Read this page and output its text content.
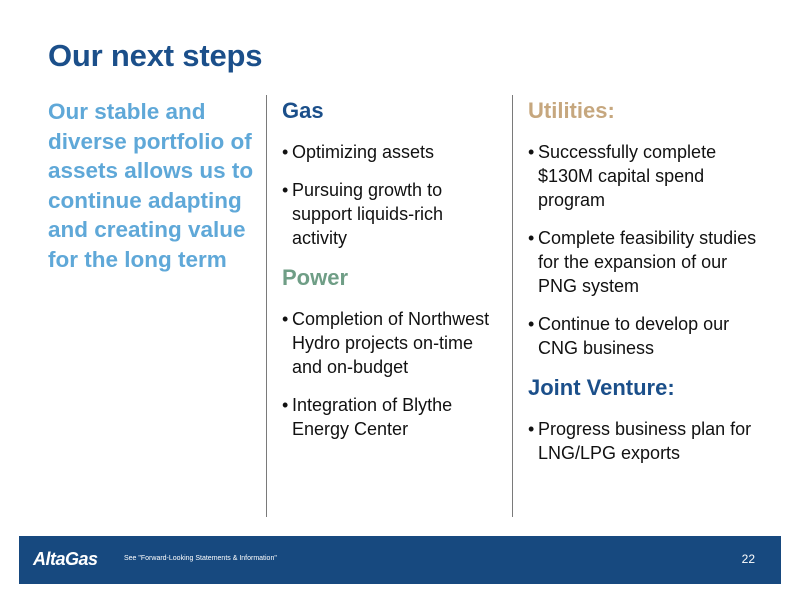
Our next steps
Our stable and diverse portfolio of assets allows us to continue adapting and creating value for the long term
Gas
• Optimizing assets
• Pursuing growth to support liquids-rich activity
Power
• Completion of Northwest Hydro projects on-time and on-budget
• Integration of Blythe Energy Center
Utilities:
• Successfully complete $130M capital spend program
• Complete feasibility studies for the expansion of our PNG system
• Continue to develop our CNG business
Joint Venture:
• Progress business plan for LNG/LPG exports
AltaGas	See "Forward-Looking Statements & Information"	22
